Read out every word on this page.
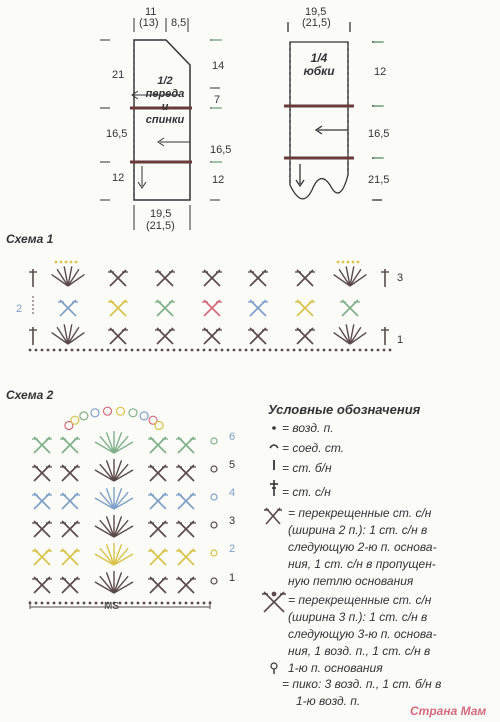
11
(13) 8,5
21
16,5
12
14
7
16,5
12
19,5
(21,5)
1/2
переда
и
спинки
19,5
(21,5)
12
16,5
21,5
1/4
юбки
Схема 1
3
2
1
Схема 2
6
5
4
3
2
1
MS
Условные обозначения
= возд. п.
= соед. ст.
= ст. б/н
= ст. с/н
= перекрещенные ст. с/н
(ширина 2 п.): 1 ст. с/н в
следующую 2-ю п. основа-
ния, 1 ст. с/н в пропущен-
ную петлю основания
= перекрещенные ст. с/н
(ширина 3 п.): 1 ст. с/н в
следующую 3-ю п. основа-
ния, 1 возд. п., 1 ст. с/н в
1-ю п. основания
= пико: 3 возд. п., 1 ст. б/н в
1-ю возд. п.
Страна Мам
